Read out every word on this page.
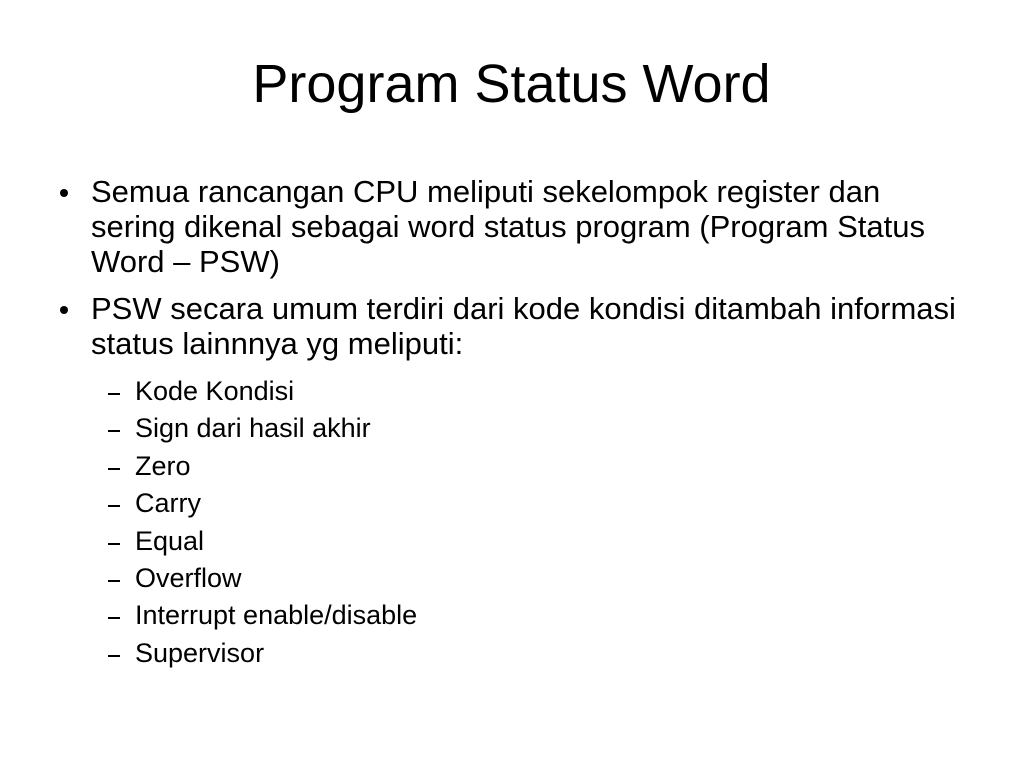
Program Status Word
Semua rancangan CPU meliputi sekelompok register dan sering dikenal sebagai word status program (Program Status Word – PSW)
PSW secara umum terdiri dari kode kondisi ditambah informasi status lainnnya yg meliputi:
Kode Kondisi
Sign dari hasil akhir
Zero
Carry
Equal
Overflow
Interrupt enable/disable
Supervisor
